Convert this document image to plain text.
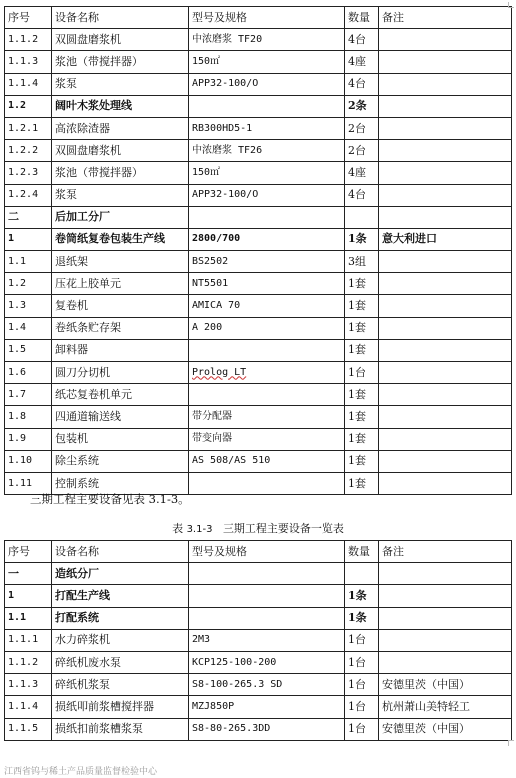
序号	设备名称	型号及规格	数量	备注
1.1.2	双圆盘磨浆机	中浓磨浆 TF20	4台	
1.1.3	浆池（带搅拌器）	150㎡	4座	
1.1.4	浆泵	APP32-100/O	4台	
1.2	阔叶木浆处理线		2条	
1.2.1	高浓除渣器	RB300HD5-1	2台	
1.2.2	双圆盘磨浆机	中浓磨浆 TF26	2台	
1.2.3	浆池（带搅拌器）	150㎡	4座	
1.2.4	浆泵	APP32-100/O	4台	
二	后加工分厂			
1	卷筒纸复卷包装生产线	2800/700	1条	意大利进口
1.1	退纸架	BS2502	3组	
1.2	压花上胶单元	NT5501	1套	
1.3	复卷机	AMICA 70	1套	
1.4	卷纸条贮存架	A 200	1套	
1.5	卸料器		1套	
1.6	圆刀分切机	Prolog LT	1台	
1.7	纸芯复卷机单元		1套	
1.8	四通道输送线	带分配器	1套	
1.9	包装机	带变向器	1套	
1.10	除尘系统	AS 508/AS 510	1套	
1.11	控制系统		1套	
三期工程主要设备见表 3.1-3。
表 3.1-3 三期工程主要设备一览表
序号	设备名称	型号及规格	数量	备注
一	造纸分厂			
1	打配生产线		1条	
1.1	打配系统		1条	
1.1.1	水力碎浆机	2M3	1台	
1.1.2	碎纸机废水泵	KCP125-100-200	1台	
1.1.3	碎纸机浆泵	S8-100-265.3 SD	1台	安德里茨（中国）
1.1.4	损纸叩前浆槽搅拌器	MZJ850P	1台	杭州萧山美特轻工
1.1.5	损纸扣前浆槽浆泵	S8-80-265.3DD	1台	安德里茨（中国）
江西省钨与稀土产品质量监督检验中心
